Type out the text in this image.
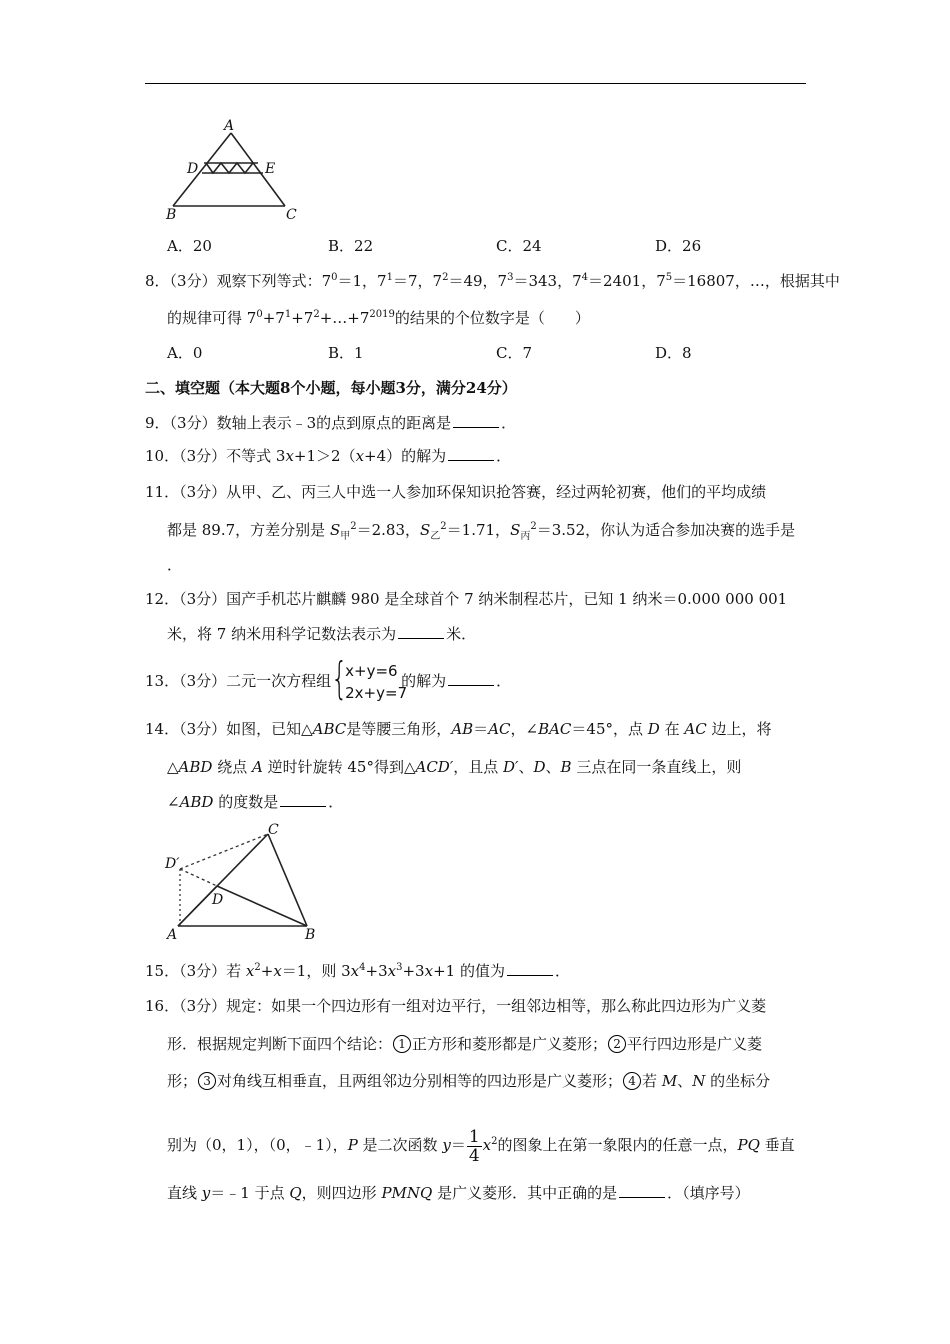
A
D	E
B	C
A．20	B．22	C．24	D．26
8．（3分）观察下列等式：$7^0=1$，$7^1=7$，$7^2=49$，$7^3=343$，$7^4=2401$，$7^5=16807$，…，根据其中
的规律可得 $7^0+7^1+7^2+\dots+7^{2019}$的结果的个位数字是（　　）
A．0	B．1	C．7	D．8
二、填空题（本大题8个小题，每小题3分，满分24分）
9．（3分）数轴上表示﹣3的点到原点的距离是	．
10．（3分）不等式 3x+1＞2（x+4）的解为	．
11．（3分）从甲、乙、丙三人中选一人参加环保知识抢答赛，经过两轮初赛，他们的平均成绩
都是 89.7，方差分别是 $S_甲^2=2.83$，$S_乙^2=1.71$，$S_丙^2=3.52$，你认为适合参加决赛的选手是
．
12．（3分）国产手机芯片麒麟 980 是全球首个 7 纳米制程芯片，已知 1 纳米＝0.000 000 001
米，将 7 纳米用科学记数法表示为	米．
13．（3分）二元一次方程组 {
x+y=6
2x+y=7
的解为	．
14．（3分）如图，已知△ABC是等腰三角形，AB＝AC，∠BAC＝45°，点 D 在 AC 边上，将
△ABD 绕点 A 逆时针旋转 45°得到△ACD′，且点 D′、D、B 三点在同一条直线上，则
∠ABD 的度数是	．
C
D′
D
A	B
15．（3分）若 $x^2+x=1$，则 $3x^4+3x^3+3x+1$ 的值为	．
16．（3分）规定：如果一个四边形有一组对边平行，一组邻边相等，那么称此四边形为广义菱
形．根据规定判断下面四个结论： 1 正方形和菱形都是广义菱形； 2 平行四边形是广义菱
形； 3 对角线互相垂直，且两组邻边分别相等的四边形是广义菱形； 4 若 M、N 的坐标分
别为（0，1），（0，﹣1），P 是二次函数 $y= \frac{1}{4} x^2$的图象上在第一象限内的任意一点，PQ 垂直
直线 y＝﹣1 于点 Q，则四边形 PMNQ 是广义菱形．其中正确的是	．（填序号）
